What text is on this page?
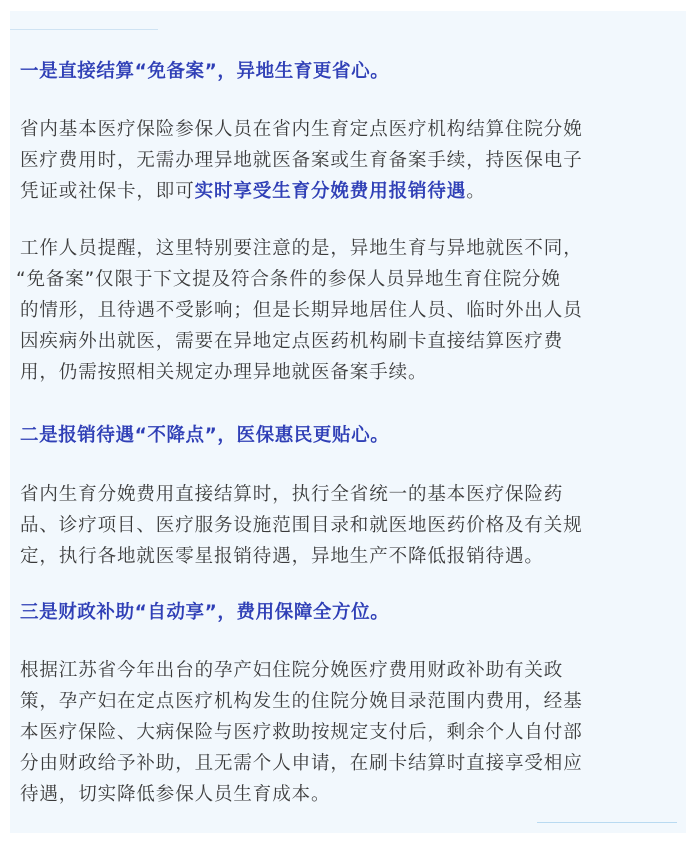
一是直接结算“免备案”，异地生育更省心。

省内基本医疗保险参保人员在省内生育定点医疗机构结算住院分娩
医疗费用时，无需办理异地就医备案或生育备案手续，持医保电子
凭证或社保卡，即可实时享受生育分娩费用报销待遇。

工作人员提醒，这里特别要注意的是，异地生育与异地就医不同，
“免备案”仅限于下文提及符合条件的参保人员异地生育住院分娩
的情形，且待遇不受影响；但是长期异地居住人员、临时外出人员
因疾病外出就医，需要在异地定点医药机构刷卡直接结算医疗费
用，仍需按照相关规定办理异地就医备案手续。

二是报销待遇“不降点”，医保惠民更贴心。

省内生育分娩费用直接结算时，执行全省统一的基本医疗保险药
品、诊疗项目、医疗服务设施范围目录和就医地医药价格及有关规
定，执行各地就医零星报销待遇，异地生产不降低报销待遇。

三是财政补助“自动享”，费用保障全方位。

根据江苏省今年出台的孕产妇住院分娩医疗费用财政补助有关政
策，孕产妇在定点医疗机构发生的住院分娩目录范围内费用，经基
本医疗保险、大病保险与医疗救助按规定支付后，剩余个人自付部
分由财政给予补助，且无需个人申请，在刷卡结算时直接享受相应
待遇，切实降低参保人员生育成本。
